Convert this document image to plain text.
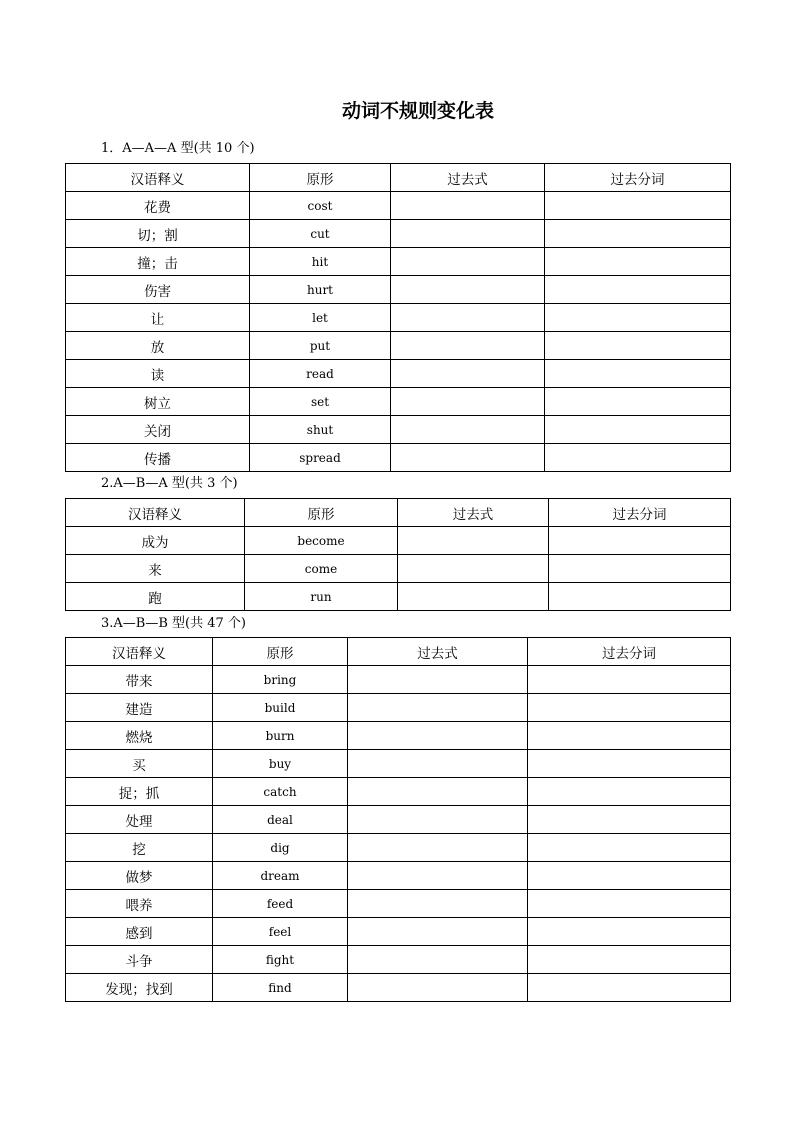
动词不规则变化表
1．A—A—A 型(共 10 个)
汉语释义	原形	过去式	过去分词
花费	cost		
切；割	cut		
撞；击	hit		
伤害	hurt		
让	let		
放	put		
读	read		
树立	set		
关闭	shut		
传播	spread		
2.A—B—A 型(共 3 个)
汉语释义	原形	过去式	过去分词
成为	become		
来	come		
跑	run		
3.A—B—B 型(共 47 个)
汉语释义	原形	过去式	过去分词
带来	bring		
建造	build		
燃烧	burn		
买	buy		
捉；抓	catch		
处理	deal		
挖	dig		
做梦	dream		
喂养	feed		
感到	feel		
斗争	fight		
发现；找到	find		
